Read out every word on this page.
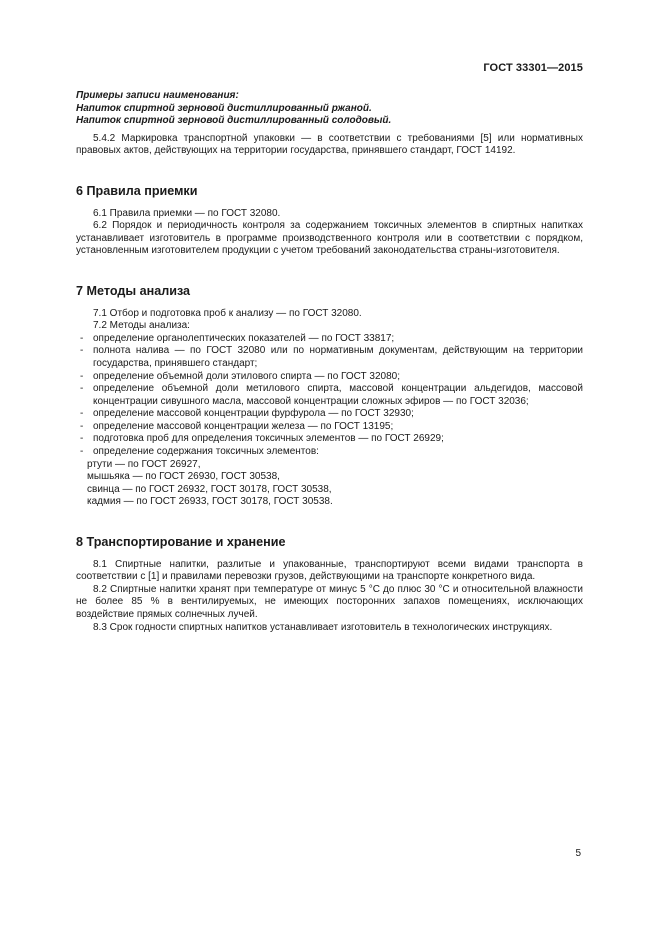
ГОСТ 33301—2015
Примеры записи наименования:
Напиток спиртной зерновой дистиллированный ржаной.
Напиток спиртной зерновой дистиллированный солодовый.

5.4.2 Маркировка транспортной упаковки — в соответствии с требованиями [5] или нормативных правовых актов, действующих на территории государства, принявшего стандарт, ГОСТ 14192.

6 Правила приемки

6.1 Правила приемки — по ГОСТ 32080.

6.2 Порядок и периодичность контроля за содержанием токсичных элементов в спиртных напитках устанавливает изготовитель в программе производственного контроля или в соответствии с порядком, установленным изготовителем продукции с учетом требований законодательства страны-изготовителя.

7 Методы анализа

7.1 Отбор и подготовка проб к анализу — по ГОСТ 32080.

7.2 Методы анализа:

- определение органолептических показателей — по ГОСТ 33817;
- полнота налива — по ГОСТ 32080 или по нормативным документам, действующим на территории государства, принявшего стандарт;
- определение объемной доли этилового спирта — по ГОСТ 32080;
- определение объемной доли метилового спирта, массовой концентрации альдегидов, массовой концентрации сивушного масла, массовой концентрации сложных эфиров — по ГОСТ 32036;
- определение массовой концентрации фурфурола — по ГОСТ 32930;
- определение массовой концентрации железа — по ГОСТ 13195;
- подготовка проб для определения токсичных элементов — по ГОСТ 26929;
- определение содержания токсичных элементов:
ртути — по ГОСТ 26927,
мышьяка — по ГОСТ 26930, ГОСТ 30538,
свинца — по ГОСТ 26932, ГОСТ 30178, ГОСТ 30538,
кадмия — по ГОСТ 26933, ГОСТ 30178, ГОСТ 30538.
8 Транспортирование и хранение

8.1 Спиртные напитки, разлитые и упакованные, транспортируют всеми видами транспорта в соответствии с [1] и правилами перевозки грузов, действующими на транспорте конкретного вида.

8.2 Спиртные напитки хранят при температуре от минус 5 °С до плюс 30 °С и относительной влажности не более 85 % в вентилируемых, не имеющих посторонних запахов помещениях, исключающих воздействие прямых солнечных лучей.

8.3 Срок годности спиртных напитков устанавливает изготовитель в технологических инструкциях.

5
